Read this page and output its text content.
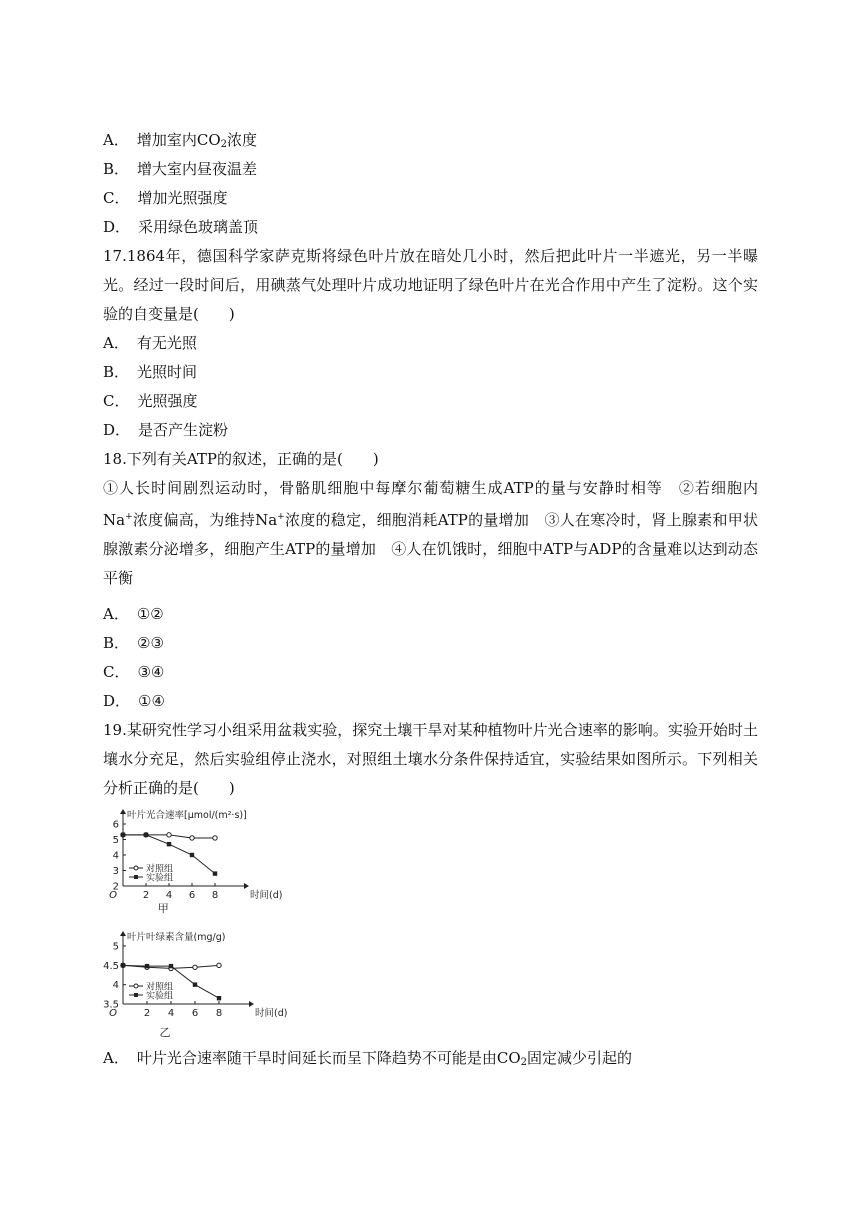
A． 增加室内$CO_2$浓度
B． 增大室内昼夜温差
C． 增加光照强度
D． 采用绿色玻璃盖顶
17.1864年，德国科学家萨克斯将绿色叶片放在暗处几小时，然后把此叶片一半遮光，另一半曝光。经过一段时间后，用碘蒸气处理叶片成功地证明了绿色叶片在光合作用中产生了淀粉。这个实验的自变量是(　　)
A． 有无光照
B． 光照时间
C． 光照强度
D． 是否产生淀粉
18.下列有关ATP的叙述，正确的是(　　)
①人长时间剧烈运动时，骨骼肌细胞中每摩尔葡萄糖生成ATP的量与安静时相等　②若细胞内Na+浓度偏高，为维持Na+浓度的稳定，细胞消耗ATP的量增加　③人在寒冷时，肾上腺素和甲状腺激素分泌增多，细胞产生ATP的量增加　④人在饥饿时，细胞中ATP与ADP的含量难以达到动态平衡
A． ①②
B． ②③
C． ③④
D． ①④
19.某研究性学习小组采用盆栽实验，探究土壤干旱对某种植物叶片光合速率的影响。实验开始时土壤水分充足，然后实验组停止浇水，对照组土壤水分条件保持适宜，实验结果如图所示。下列相关分析正确的是(　　)
叶片光合速率[μmol/(m²·s)]
时间(d)
O	2 4 6 8
2
3
4
5
6
对照组
实验组
甲
叶片叶绿素含量(mg/g)
时间(d)
O	2 4 6 8
3.5
4
4.5
5
对照组
实验组
乙
A． 叶片光合速率随干旱时间延长而呈下降趋势不可能是由$CO_2$固定减少引起的
